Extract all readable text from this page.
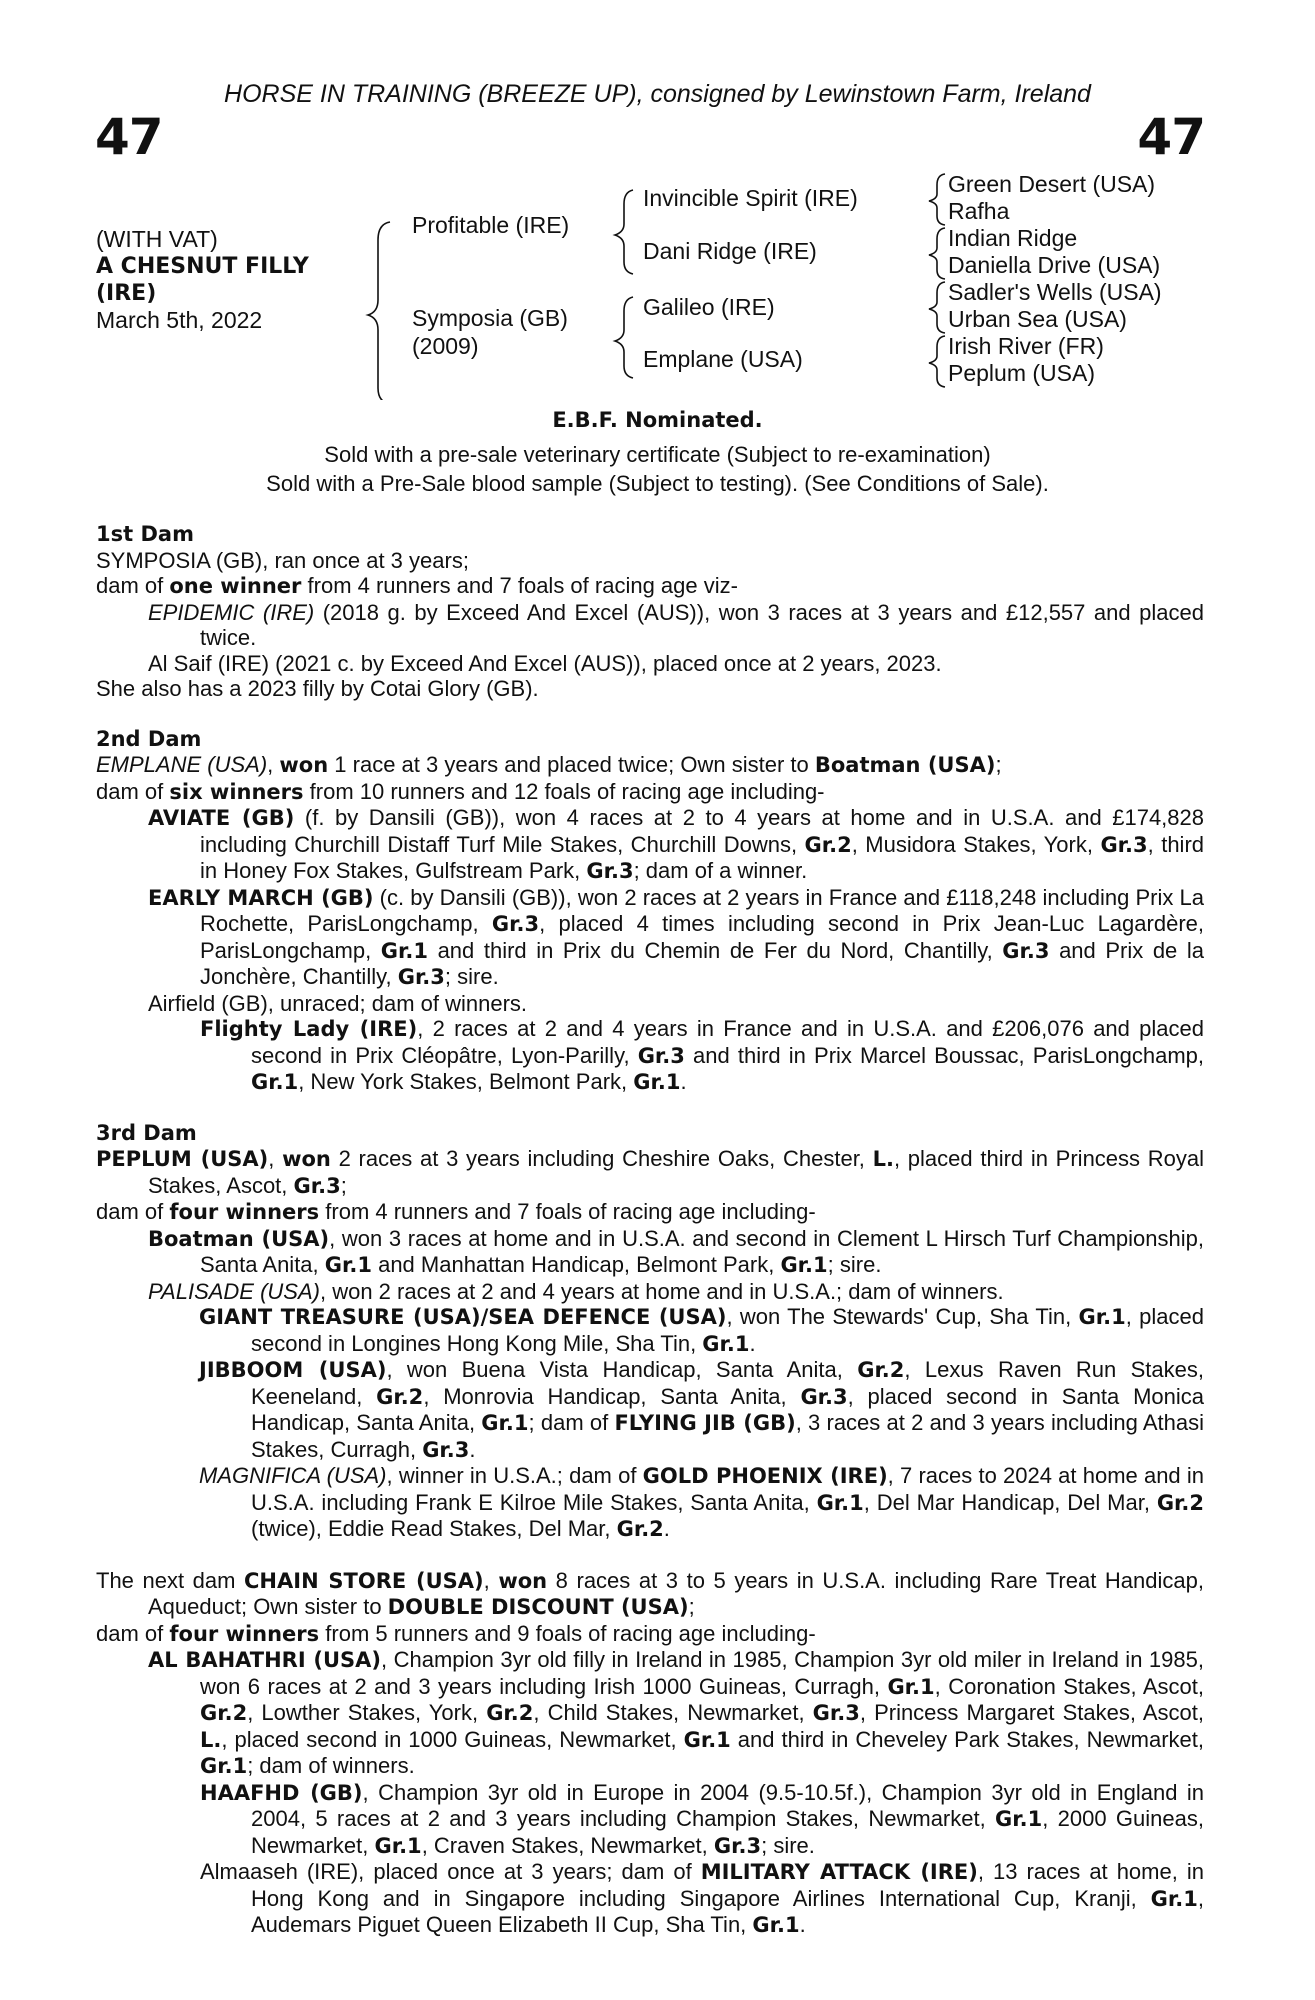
HORSE IN TRAINING (BREEZE UP), consigned by Lewinstown Farm, Ireland
47	47
(WITH VAT)
A CHESNUT FILLY
(IRE)
March 5th, 2022
Profitable (IRE)
Symposia (GB)
(2009)
Invincible Spirit (IRE)
Dani Ridge (IRE)
Galileo (IRE)
Emplane (USA)
Green Desert (USA)
Rafha
Indian Ridge
Daniella Drive (USA)
Sadler's Wells (USA)
Urban Sea (USA)
Irish River (FR)
Peplum (USA)
E.B.F. Nominated.
Sold with a pre-sale veterinary certificate (Subject to re-examination)
Sold with a Pre-Sale blood sample (Subject to testing). (See Conditions of Sale).
1st Dam
SYMPOSIA (GB), ran once at 3 years;
dam of one winner from 4 runners and 7 foals of racing age viz-
EPIDEMIC (IRE) (2018 g. by Exceed And Excel (AUS)), won 3 races at 3 years and £12,557 and placed twice.
Al Saif (IRE) (2021 c. by Exceed And Excel (AUS)), placed once at 2 years, 2023.
She also has a 2023 filly by Cotai Glory (GB).
2nd Dam
EMPLANE (USA), won 1 race at 3 years and placed twice; Own sister to Boatman (USA);
dam of six winners from 10 runners and 12 foals of racing age including-
AVIATE (GB) (f. by Dansili (GB)), won 4 races at 2 to 4 years at home and in U.S.A. and £174,828 including Churchill Distaff Turf Mile Stakes, Churchill Downs, Gr.2, Musidora Stakes, York, Gr.3, third in Honey Fox Stakes, Gulfstream Park, Gr.3; dam of a winner.
EARLY MARCH (GB) (c. by Dansili (GB)), won 2 races at 2 years in France and £118,248 including Prix La Rochette, ParisLongchamp, Gr.3, placed 4 times including second in Prix Jean-Luc Lagardère, ParisLongchamp, Gr.1 and third in Prix du Chemin de Fer du Nord, Chantilly, Gr.3 and Prix de la Jonchère, Chantilly, Gr.3; sire.
Airfield (GB), unraced; dam of winners.
Flighty Lady (IRE), 2 races at 2 and 4 years in France and in U.S.A. and £206,076 and placed second in Prix Cléopâtre, Lyon-Parilly, Gr.3 and third in Prix Marcel Boussac, ParisLongchamp, Gr.1, New York Stakes, Belmont Park, Gr.1.
3rd Dam
PEPLUM (USA), won 2 races at 3 years including Cheshire Oaks, Chester, L., placed third in Princess Royal Stakes, Ascot, Gr.3;
dam of four winners from 4 runners and 7 foals of racing age including-
Boatman (USA), won 3 races at home and in U.S.A. and second in Clement L Hirsch Turf Championship, Santa Anita, Gr.1 and Manhattan Handicap, Belmont Park, Gr.1; sire.
PALISADE (USA), won 2 races at 2 and 4 years at home and in U.S.A.; dam of winners.
GIANT TREASURE (USA)/SEA DEFENCE (USA), won The Stewards' Cup, Sha Tin, Gr.1, placed second in Longines Hong Kong Mile, Sha Tin, Gr.1.
JIBBOOM (USA), won Buena Vista Handicap, Santa Anita, Gr.2, Lexus Raven Run Stakes, Keeneland, Gr.2, Monrovia Handicap, Santa Anita, Gr.3, placed second in Santa Monica Handicap, Santa Anita, Gr.1; dam of FLYING JIB (GB), 3 races at 2 and 3 years including Athasi Stakes, Curragh, Gr.3.
MAGNIFICA (USA), winner in U.S.A.; dam of GOLD PHOENIX (IRE), 7 races to 2024 at home and in U.S.A. including Frank E Kilroe Mile Stakes, Santa Anita, Gr.1, Del Mar Handicap, Del Mar, Gr.2 (twice), Eddie Read Stakes, Del Mar, Gr.2.
The next dam CHAIN STORE (USA), won 8 races at 3 to 5 years in U.S.A. including Rare Treat Handicap, Aqueduct; Own sister to DOUBLE DISCOUNT (USA);
dam of four winners from 5 runners and 9 foals of racing age including-
AL BAHATHRI (USA), Champion 3yr old filly in Ireland in 1985, Champion 3yr old miler in Ireland in 1985, won 6 races at 2 and 3 years including Irish 1000 Guineas, Curragh, Gr.1, Coronation Stakes, Ascot, Gr.2, Lowther Stakes, York, Gr.2, Child Stakes, Newmarket, Gr.3, Princess Margaret Stakes, Ascot, L., placed second in 1000 Guineas, Newmarket, Gr.1 and third in Cheveley Park Stakes, Newmarket, Gr.1; dam of winners.
HAAFHD (GB), Champion 3yr old in Europe in 2004 (9.5-10.5f.), Champion 3yr old in England in 2004, 5 races at 2 and 3 years including Champion Stakes, Newmarket, Gr.1, 2000 Guineas, Newmarket, Gr.1, Craven Stakes, Newmarket, Gr.3; sire.
Almaaseh (IRE), placed once at 3 years; dam of MILITARY ATTACK (IRE), 13 races at home, in Hong Kong and in Singapore including Singapore Airlines International Cup, Kranji, Gr.1, Audemars Piguet Queen Elizabeth II Cup, Sha Tin, Gr.1.
